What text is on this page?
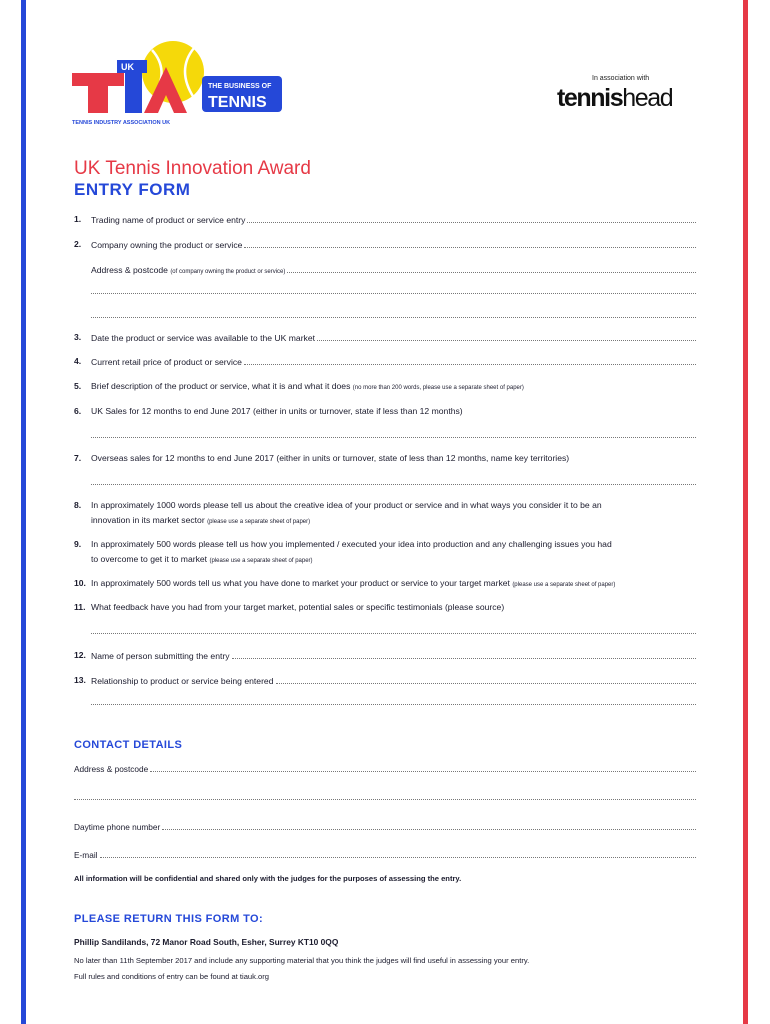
UK
THE BUSINESS OF
TENNIS
TENNIS INDUSTRY ASSOCIATION UK
In association with
tennishead
UK Tennis Innovation Award
ENTRY FORM
1. Trading name of product or service entry
2. Company owning the product or service
Address & postcode (of company owning the product or service)
3. Date the product or service was available to the UK market
4. Current retail price of product or service
5. Brief description of the product or service, what it is and what it does (no more than 200 words, please use a separate sheet of paper)
6. UK Sales for 12 months to end June 2017 (either in units or turnover, state if less than 12 months)
7. Overseas sales for 12 months to end June 2017 (either in units or turnover, state of less than 12 months, name key territories)
8. In approximately 1000 words please tell us about the creative idea of your product or service and in what ways you consider it to be an
innovation in its market sector (please use a separate sheet of paper)
9. In approximately 500 words please tell us how you implemented / executed your idea into production and any challenging issues you had
to overcome to get it to market (please use a separate sheet of paper)
10. In approximately 500 words tell us what you have done to market your product or service to your target market (please use a separate sheet of paper)
11. What feedback have you had from your target market, potential sales or specific testimonials (please source)
12. Name of person submitting the entry
13. Relationship to product or service being entered
CONTACT DETAILS
Address & postcode
Daytime phone number
E-mail
All information will be confidential and shared only with the judges for the purposes of assessing the entry.
PLEASE RETURN THIS FORM TO:
Phillip Sandilands, 72 Manor Road South, Esher, Surrey KT10 0QQ
No later than 11th September 2017 and include any supporting material that you think the judges will find useful in assessing your entry.
Full rules and conditions of entry can be found at tiauk.org
